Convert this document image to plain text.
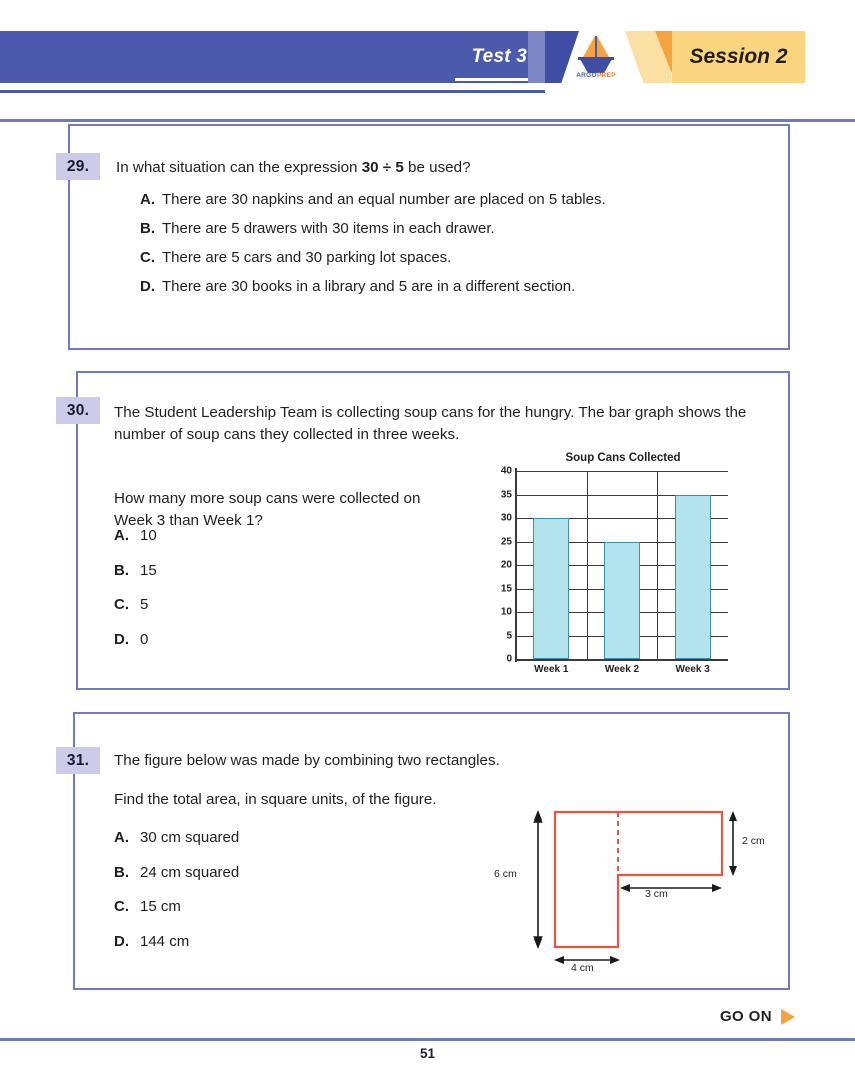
Test 3	Session 2
ARGOPREP
29.	In what situation can the expression 30 ÷ 5 be used?
A. There are 30 napkins and an equal number are placed on 5 tables.
B. There are 5 drawers with 30 items in each drawer.
C. There are 5 cars and 30 parking lot spaces.
D. There are 30 books in a library and 5 are in a different section.
30.	The Student Leadership Team is collecting soup cans for the hungry. The bar graph shows the number of soup cans they collected in three weeks.
How many more soup cans were collected on Week 3 than Week 1?
A. 10
B. 15
C. 5
D. 0
Soup Cans Collected
0
5
10
15
20
25
30
35
40
Week 1	Week 2	Week 3
31.	The figure below was made by combining two rectangles.
Find the total area, in square units, of the figure.
A. 30 cm squared
B. 24 cm squared
C. 15 cm
D. 144 cm
6 cm
2 cm
3 cm
4 cm
GO ON
51
